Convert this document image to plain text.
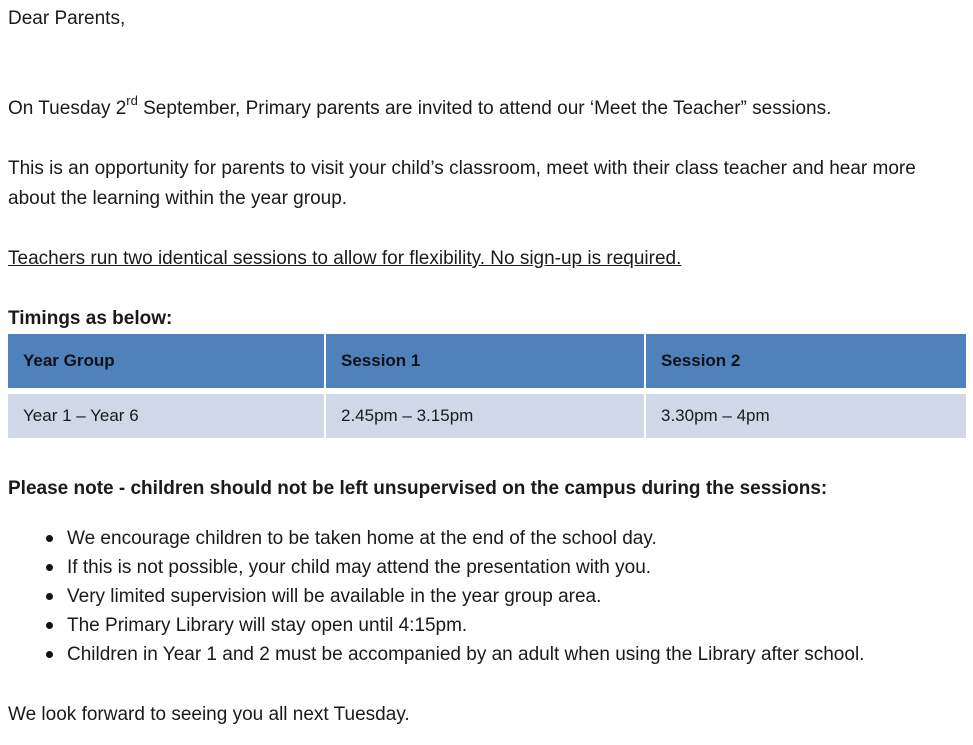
Dear Parents,

On Tuesday 2rd September, Primary parents are invited to attend our ‘Meet the Teacher” sessions.

This is an opportunity for parents to visit your child’s classroom, meet with their class teacher and hear more

about the learning within the year group.

Teachers run two identical sessions to allow for flexibility. No sign-up is required.

Timings as below:

Year Group	Session 1	Session 2

Year 1 – Year 6	2.45pm – 3.15pm	3.30pm – 4pm

Please note - children should not be left unsupervised on the campus during the sessions:

We encourage children to be taken home at the end of the school day.
If this is not possible, your child may attend the presentation with you.
Very limited supervision will be available in the year group area.
The Primary Library will stay open until 4:15pm.
Children in Year 1 and 2 must be accompanied by an adult when using the Library after school.

We look forward to seeing you all next Tuesday.
